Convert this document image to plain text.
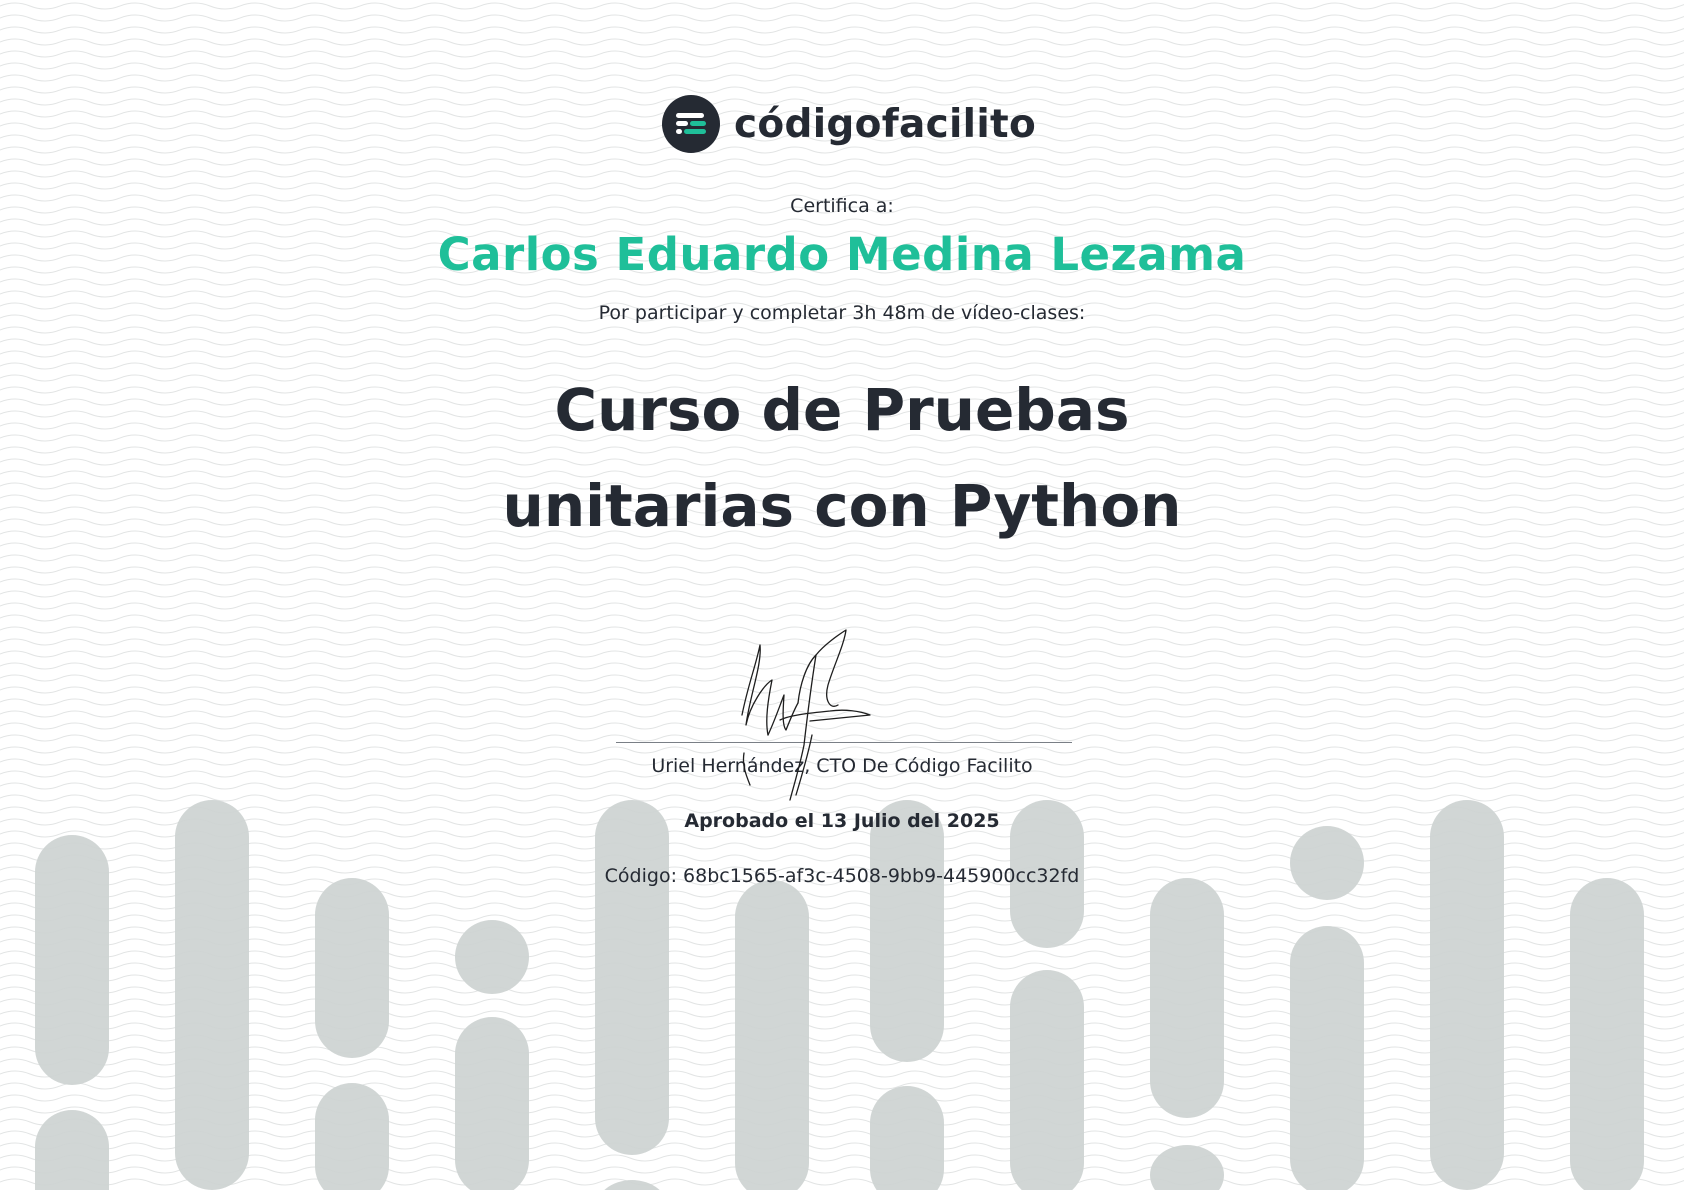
códigofacilito
Certifica a:
Carlos Eduardo Medina Lezama
Por participar y completar 3h 48m de vídeo-clases:
Curso de Pruebas
unitarias con Python
Uriel Hernández, CTO De Código Facilito
Aprobado el 13 Julio del 2025
Código: 68bc1565-af3c-4508-9bb9-445900cc32fd
